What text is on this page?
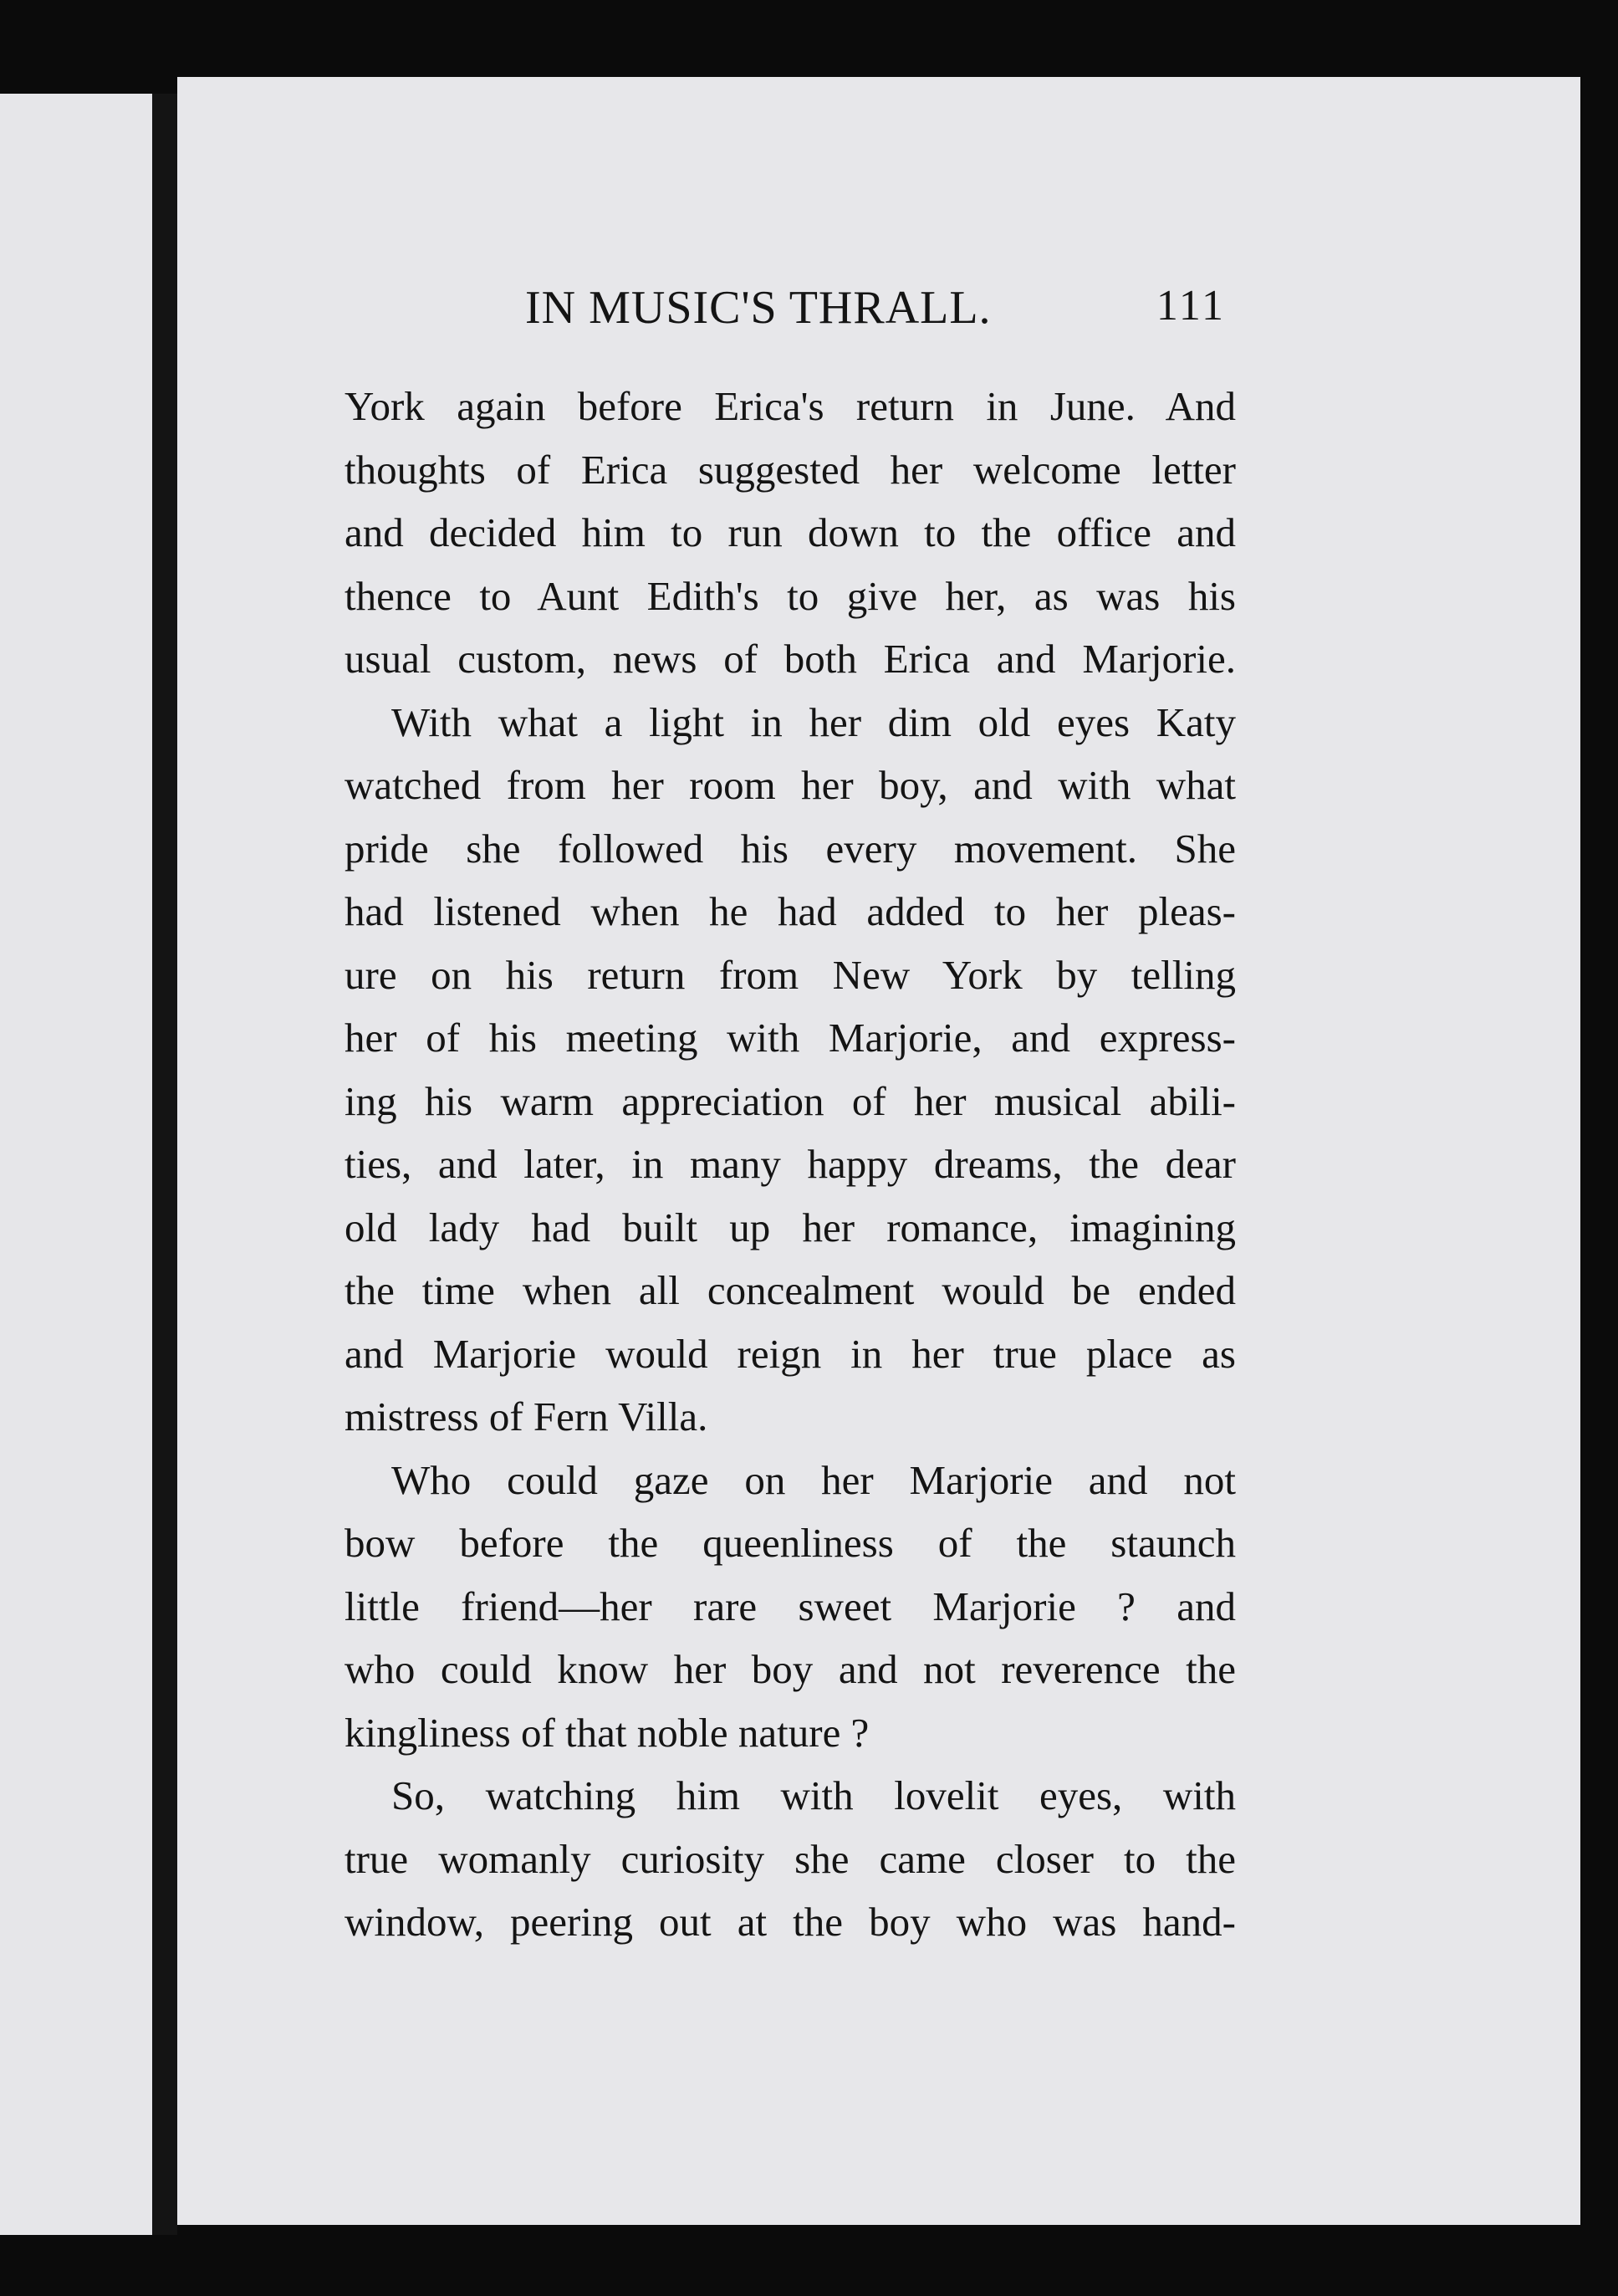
IN MUSIC'S THRALL.	111
York again before Erica's return in June. And
thoughts of Erica suggested her welcome letter
and decided him to run down to the office and
thence to Aunt Edith's to give her, as was his
usual custom, news of both Erica and Marjorie.
With what a light in her dim old eyes Katy
watched from her room her boy, and with what
pride she followed his every movement. She
had listened when he had added to her pleas-
ure on his return from New York by telling
her of his meeting with Marjorie, and express-
ing his warm appreciation of her musical abili-
ties, and later, in many happy dreams, the dear
old lady had built up her romance, imagining
the time when all concealment would be ended
and Marjorie would reign in her true place as
mistress of Fern Villa.
Who could gaze on her Marjorie and not
bow before the queenliness of the staunch
little friend—her rare sweet Marjorie ? and
who could know her boy and not reverence the
kingliness of that noble nature ?
So, watching him with lovelit eyes, with
true womanly curiosity she came closer to the
window, peering out at the boy who was hand-
